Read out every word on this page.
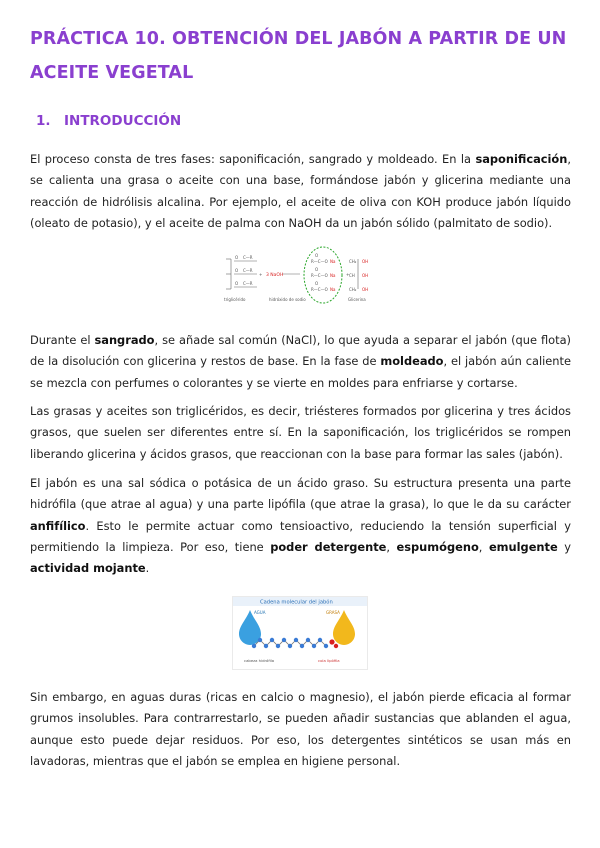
PRÁCTICA 10. OBTENCIÓN DEL JABÓN A PARTIR DE UN ACEITE VEGETAL
1. INTRODUCCIÓN

El proceso consta de tres fases: saponificación, sangrado y moldeado. En la saponificación, se calienta una grasa o aceite con una base, formándose jabón y glicerina mediante una reacción de hidrólisis alcalina. Por ejemplo, el aceite de oliva con KOH produce jabón líquido (oleato de potasio), y el aceite de palma con NaOH da un jabón sólido (palmitato de sodio).

O C—R
O C—R
O C—R
Glicerina
triglicérido	hidróxido de sodio
+ 3 NaOH
O
R—C—O
O
R—C—O
O
R—C—O
Na
Na
Na
OH
OH
OH
+
CH₂
CH
CH₂

Durante el sangrado, se añade sal común (NaCl), lo que ayuda a separar el jabón (que flota) de la disolución con glicerina y restos de base. En la fase de moldeado, el jabón aún caliente se mezcla con perfumes o colorantes y se vierte en moldes para enfriarse y cortarse.

Las grasas y aceites son triglicéridos, es decir, triésteres formados por glicerina y tres ácidos grasos, que suelen ser diferentes entre sí. En la saponificación, los triglicéridos se rompen liberando glicerina y ácidos grasos, que reaccionan con la base para formar las sales (jabón).

El jabón es una sal sódica o potásica de un ácido graso. Su estructura presenta una parte hidrófila (que atrae al agua) y una parte lipófila (que atrae la grasa), lo que le da su carácter anfifílico. Esto le permite actuar como tensioactivo, reduciendo la tensión superficial y permitiendo la limpieza. Por eso, tiene poder detergente, espumógeno, emulgente y actividad mojante.

Cadena molecular del jabón
AGUA	GRASA
cabeza hidrófila	cola lipófila

Sin embargo, en aguas duras (ricas en calcio o magnesio), el jabón pierde eficacia al formar grumos insolubles. Para contrarrestarlo, se pueden añadir sustancias que ablanden el agua, aunque esto puede dejar residuos. Por eso, los detergentes sintéticos se usan más en lavadoras, mientras que el jabón se emplea en higiene personal.
